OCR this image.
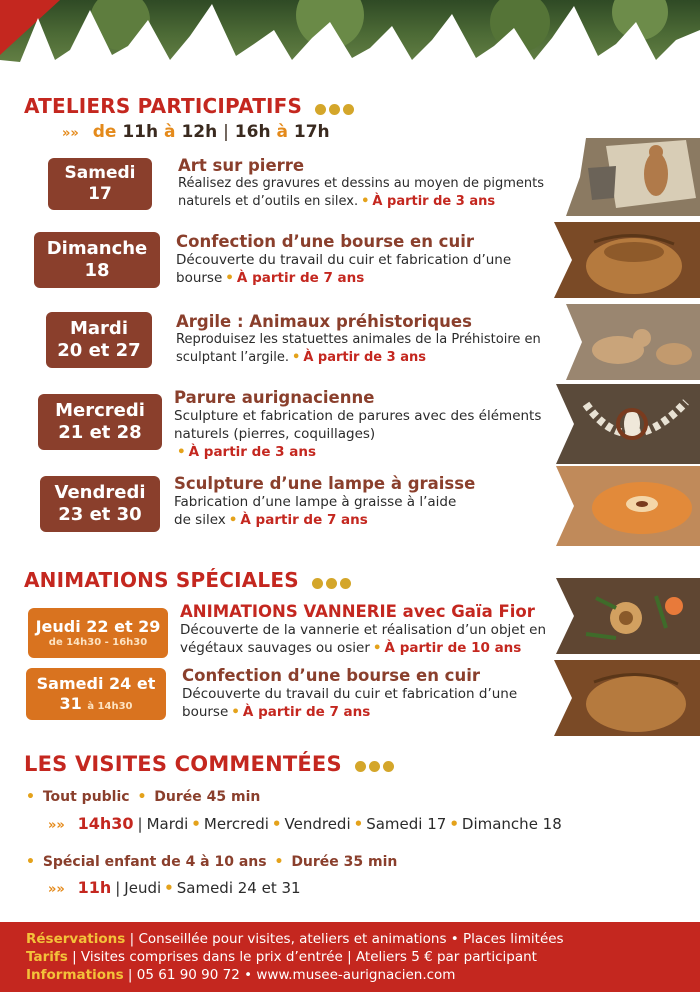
ATELIERS PARTICIPATIFS
»» de 11h à 12h | 16h à 17h
Samedi
17
Art sur pierre
Réalisez des gravures et dessins au moyen de pigments naturels et d’outils en silex. • À partir de 3 ans
Dimanche
18
Confection d’une bourse en cuir
Découverte du travail du cuir et fabrication d’une bourse • À partir de 7 ans
Mardi
20 et 27
Argile : Animaux préhistoriques
Reproduisez les statuettes animales de la Préhistoire en sculptant l’argile. • À partir de 3 ans
Mercredi
21 et 28
Parure aurignacienne
Sculpture et fabrication de parures avec des éléments naturels (pierres, coquillages)
• À partir de 3 ans
Vendredi
23 et 30
Sculpture d’une lampe à graisse
Fabrication d’une lampe à graisse à l’aide de silex • À partir de 7 ans
ANIMATIONS SPÉCIALES
Jeudi 22 et 29
de 14h30 - 16h30
ANIMATIONS VANNERIE avec Gaïa Fior
Découverte de la vannerie et réalisation d’un objet en végétaux sauvages ou osier • À partir de 10 ans
Samedi 24 et
31 à 14h30
Confection d’une bourse en cuir
Découverte du travail du cuir et fabrication d’une bourse • À partir de 7 ans
LES VISITES COMMENTÉES
• Tout public • Durée 45 min
»» 14h30 | Mardi • Mercredi • Vendredi • Samedi 17 • Dimanche 18
• Spécial enfant de 4 à 10 ans • Durée 35 min
»» 11h | Jeudi • Samedi 24 et 31
Réservations | Conseillée pour visites, ateliers et animations • Places limitées
Tarifs | Visites comprises dans le prix d’entrée | Ateliers 5 € par participant
Informations | 05 61 90 90 72 • www.musee-aurignacien.com
